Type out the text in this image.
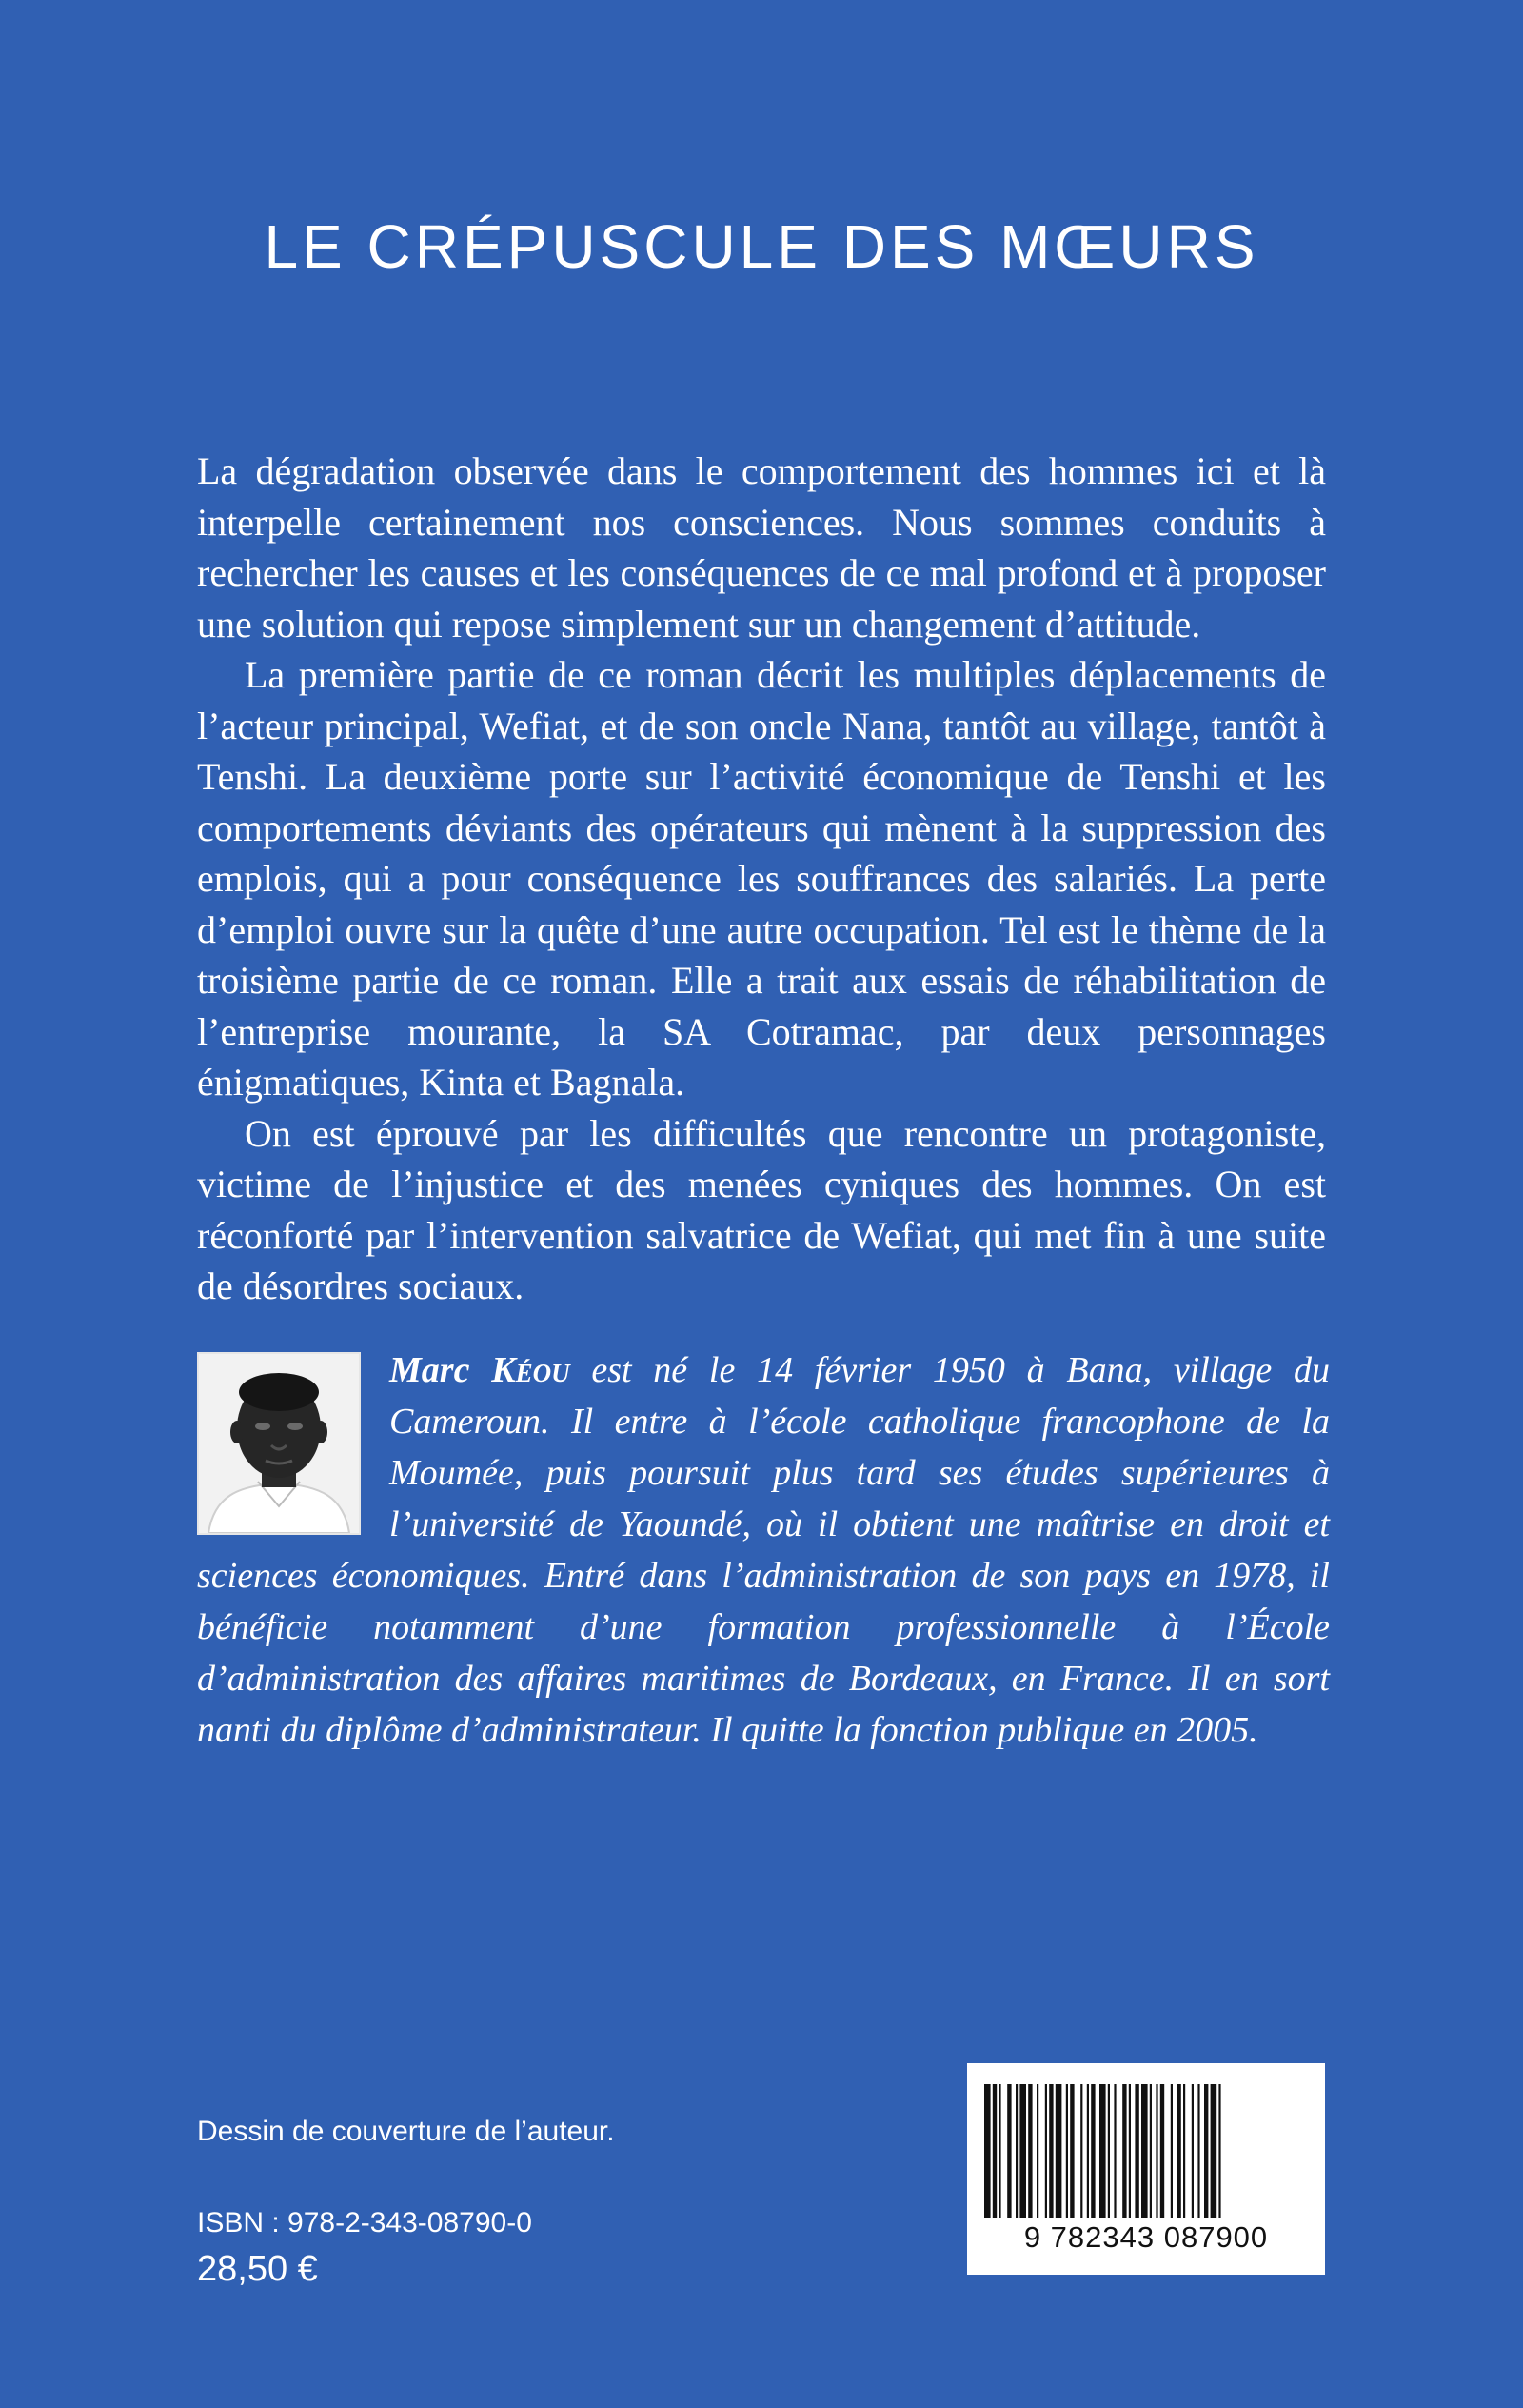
LE CRÉPUSCULE DES MŒURS

La dégradation observée dans le comportement des hommes ici et là interpelle certainement nos consciences. Nous sommes conduits à rechercher les causes et les conséquences de ce mal profond et à proposer une solution qui repose simplement sur un changement d’attitude.

La première partie de ce roman décrit les multiples déplacements de l’acteur principal, Wefiat, et de son oncle Nana, tantôt au village, tantôt à Tenshi. La deuxième porte sur l’activité économique de Tenshi et les comportements déviants des opérateurs qui mènent à la suppression des emplois, qui a pour conséquence les souffrances des salariés. La perte d’emploi ouvre sur la quête d’une autre occupation. Tel est le thème de la troisième partie de ce roman. Elle a trait aux essais de réhabilitation de l’entreprise mourante, la SA Cotramac, par deux personnages énigmatiques, Kinta et Bagnala.

On est éprouvé par les difficultés que rencontre un protagoniste, victime de l’injustice et des menées cyniques des hommes. On est réconforté par l’intervention salvatrice de Wefiat, qui met fin à une suite de désordres sociaux.

Marc Kéou est né le 14 février 1950 à Bana, village du Cameroun. Il entre à l’école catholique francophone de la Moumée, puis poursuit plus tard ses études supérieures à l’université de Yaoundé, où il obtient une maîtrise en droit et sciences économiques. Entré dans l’administration de son pays en 1978, il bénéficie notamment d’une formation professionnelle à l’École d’administration des affaires maritimes de Bordeaux, en France. Il en sort nanti du diplôme d’administrateur. Il quitte la fonction publique en 2005.

Dessin de couverture de l’auteur.
ISBN : 978-2-343-08790-0
28,50 €
9 782343 087900
